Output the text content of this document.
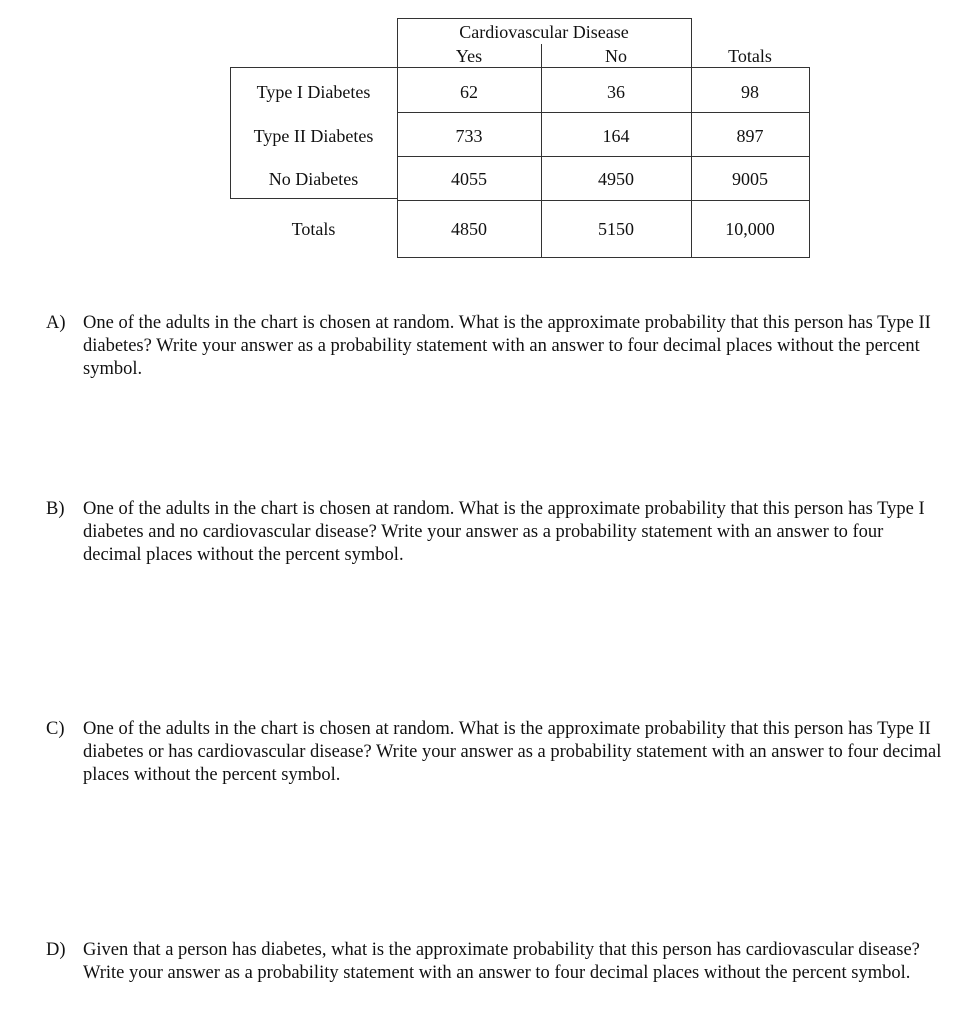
Cardiovascular Disease
Yes	No	Totals
Type I Diabetes	62	36	98
Type II Diabetes	733	164	897
No Diabetes	4055	4950	9005
Totals	4850	5150	10,000
A) One of the adults in the chart is chosen at random. What is the approximate probability that this person has Type II diabetes? Write your answer as a probability statement with an answer to four decimal places without the percent symbol.
B) One of the adults in the chart is chosen at random. What is the approximate probability that this person has Type I diabetes and no cardiovascular disease? Write your answer as a probability statement with an answer to four decimal places without the percent symbol.
C) One of the adults in the chart is chosen at random. What is the approximate probability that this person has Type II diabetes or has cardiovascular disease? Write your answer as a probability statement with an answer to four decimal places without the percent symbol.
D) Given that a person has diabetes, what is the approximate probability that this person has cardiovascular disease? Write your answer as a probability statement with an answer to four decimal places without the percent symbol.
